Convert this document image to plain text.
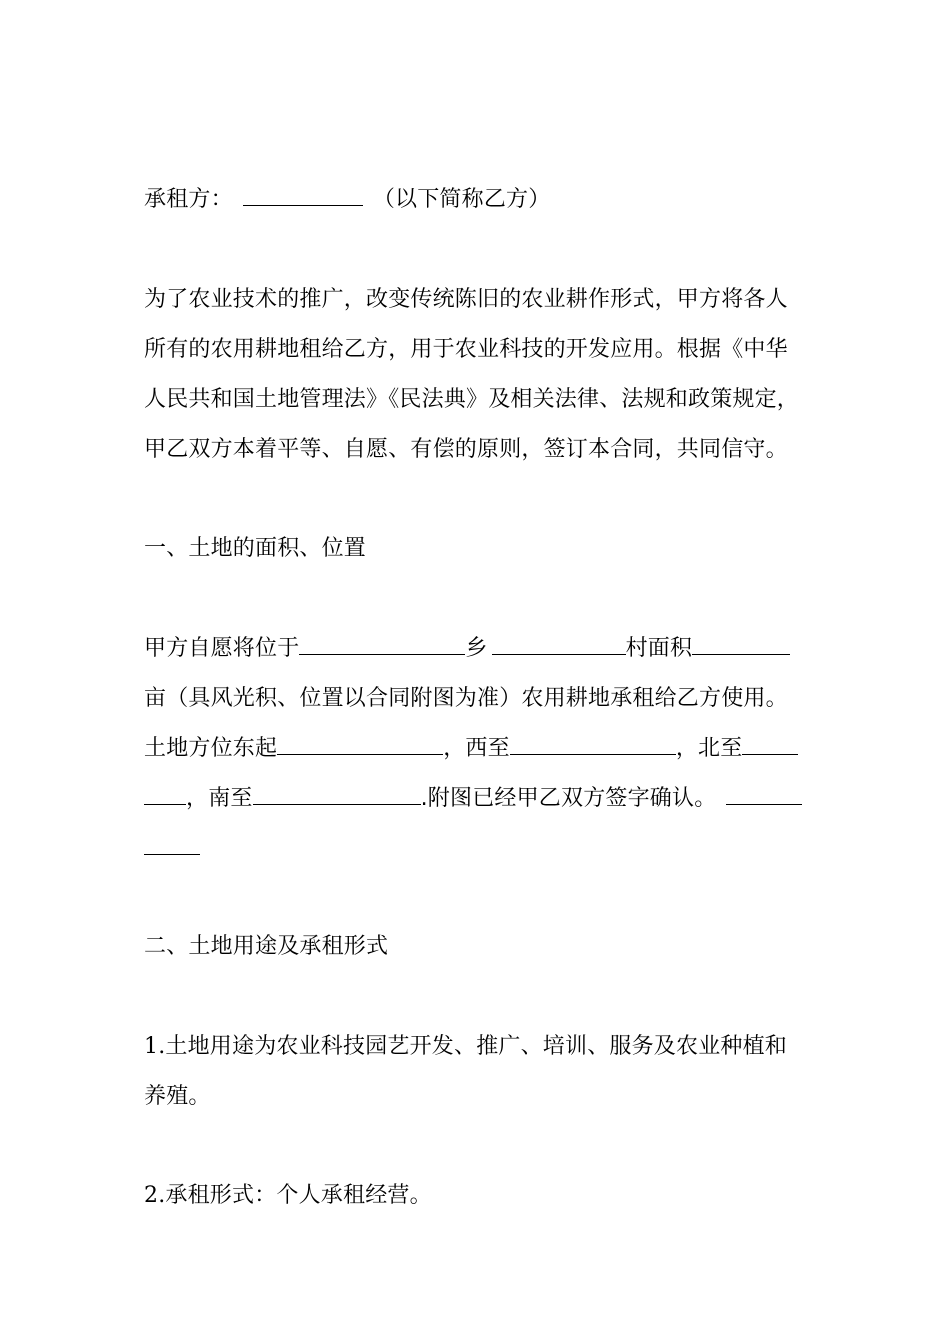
承租方：	（以下简称乙方）
为了农业技术的推广，改变传统陈旧的农业耕作形式，甲方将各人
所有的农用耕地租给乙方，用于农业科技的开发应用。根据《中华
人民共和国土地管理法》《民法典》及相关法律、法规和政策规定，
甲乙双方本着平等、自愿、有偿的原则，签订本合同，共同信守。
一、土地的面积、位置
甲方自愿将位于	乡	村面积
亩（具风光积、位置以合同附图为准）农用耕地承租给乙方使用。
土地方位东起	，西至	，北至
，南至	.附图已经甲乙双方签字确认。
二、土地用途及承租形式
1.土地用途为农业科技园艺开发、推广、培训、服务及农业种植和
养殖。
2.承租形式：个人承租经营。
